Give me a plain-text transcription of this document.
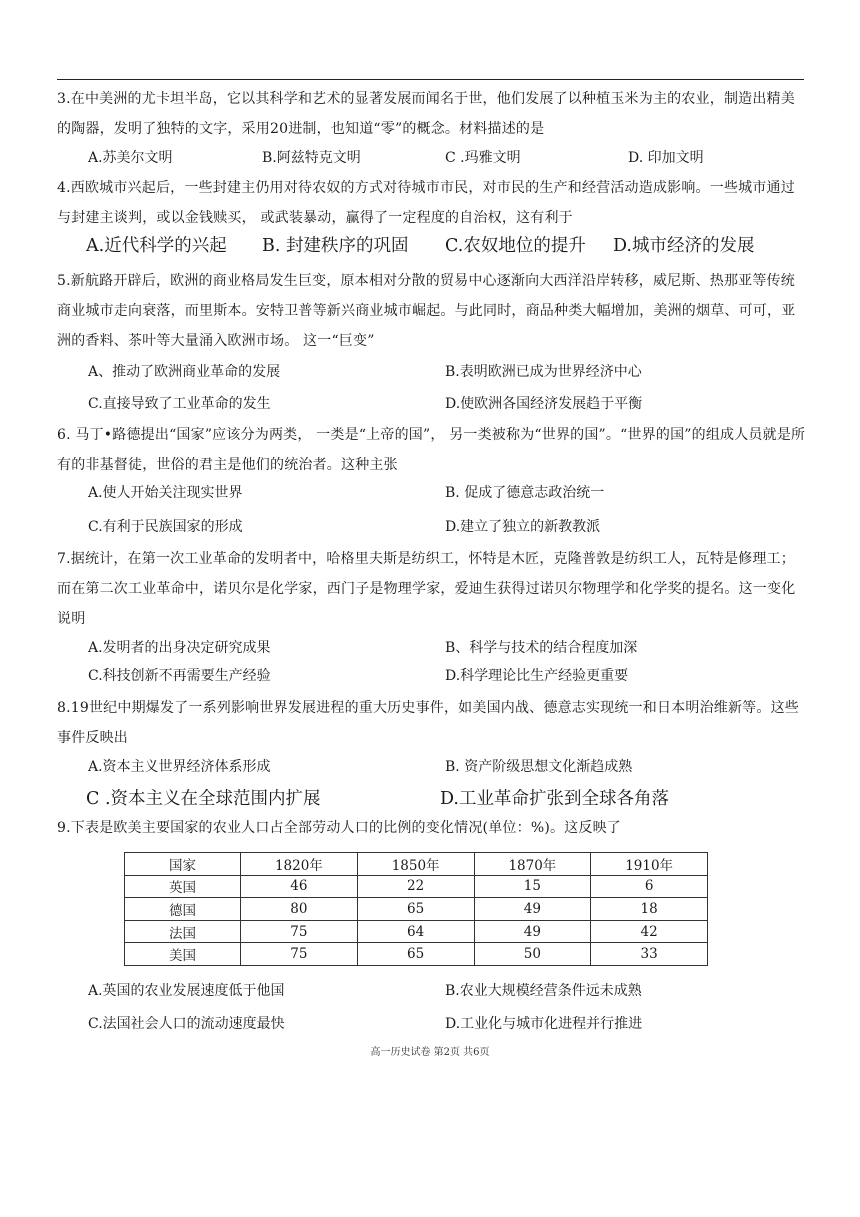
3.在中美洲的尤卡坦半岛，它以其科学和艺术的显著发展而闻名于世，他们发展了以种植玉米为主的农业，制造出精美的陶器，发明了独特的文字，采用20进制，也知道“零”的概念。材料描述的是

A.苏美尔文明	B.阿兹特克文明	C .玛雅文明	D. 印加文明

4.西欧城市兴起后，一些封建主仍用对待农奴的方式对待城市市民，对市民的生产和经营活动造成影响。一些城市通过与封建主谈判，或以金钱赎买， 或武装暴动，赢得了一定程度的自治权，这有利于

A.近代科学的兴起 B. 封建秩序的巩固 C.农奴地位的提升 D.城市经济的发展

5.新航路开辟后，欧洲的商业格局发生巨变，原本相对分散的贸易中心逐渐向大西洋沿岸转移，威尼斯、热那亚等传统商业城市走向衰落，而里斯本。安特卫普等新兴商业城市崛起。与此同时，商品种类大幅增加，美洲的烟草、可可，亚洲的香料、茶叶等大量涌入欧洲市场。 这一“巨变”

A、推动了欧洲商业革命的发展	B.表明欧洲已成为世界经济中心
C.直接导致了工业革命的发生	D.使欧洲各国经济发展趋于平衡

6. 马丁•路德提出“国家”应该分为两类， 一类是“上帝的国”， 另一类被称为“世界的国”。“世界的国”的组成人员就是所有的非基督徒，世俗的君主是他们的统治者。这种主张

A.使人开始关注现实世界	B. 促成了德意志政治统一
C.有利于民族国家的形成	D.建立了独立的新教教派

7.据统计，在第一次工业革命的发明者中，哈格里夫斯是纺织工，怀特是木匠，克隆普敦是纺织工人，瓦特是修理工；而在第二次工业革命中，诺贝尔是化学家，西门子是物理学家，爱迪生获得过诺贝尔物理学和化学奖的提名。这一变化说明

A.发明者的出身决定研究成果	B、科学与技术的结合程度加深
C.科技创新不再需要生产经验	D.科学理论比生产经验更重要

8.19世纪中期爆发了一系列影响世界发展进程的重大历史事件，如美国内战、德意志实现统一和日本明治维新等。这些事件反映出

A.资本主义世界经济体系形成	B. 资产阶级思想文化渐趋成熟
C .资本主义在全球范围内扩展	D.工业革命扩张到全球各角落

9.下表是欧美主要国家的农业人口占全部劳动人口的比例的变化情况(单位：%)。这反映了

国家	1820年	1850年	1870年	1910年
英国	46	22	15	6
德国	80	65	49	18
法国	75	64	49	42
美国	75	65	50	33
A.英国的农业发展速度低于他国	B.农业大规模经营条件远未成熟
C.法国社会人口的流动速度最快	D.工业化与城市化进程并行推进
高一历史试卷 第2页 共6页
